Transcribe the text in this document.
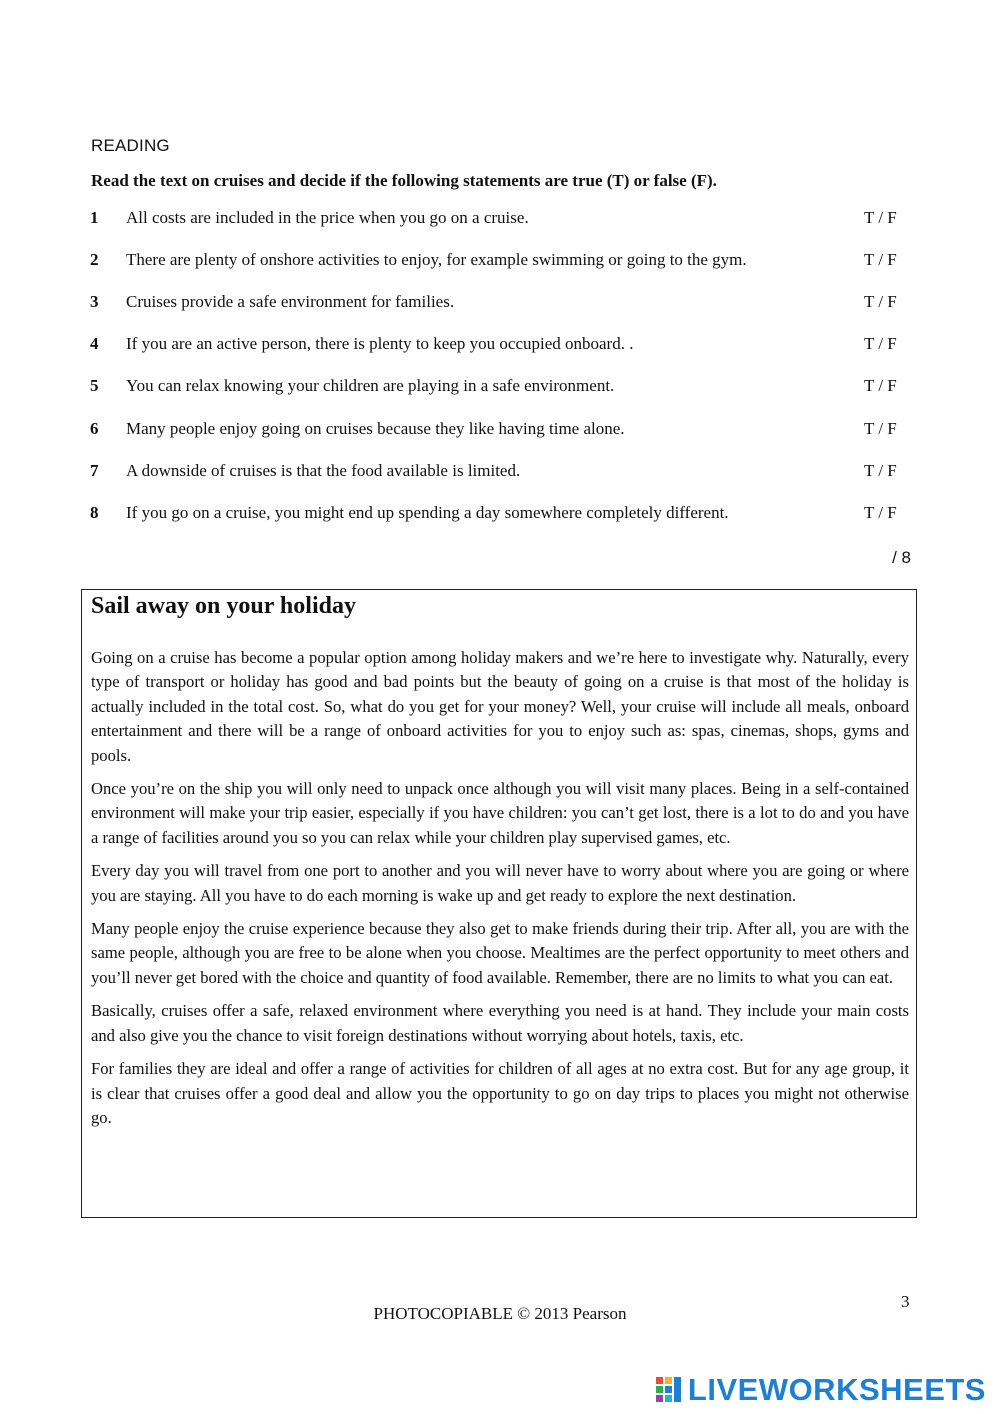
READING
Read the text on cruises and decide if the following statements are true (T) or false (F).
1 All costs are included in the price when you go on a cruise.	T / F
2 There are plenty of onshore activities to enjoy, for example swimming or going to the gym.	T / F
3 Cruises provide a safe environment for families.	T / F
4 If you are an active person, there is plenty to keep you occupied onboard. .	T / F
5 You can relax knowing your children are playing in a safe environment.	T / F
6 Many people enjoy going on cruises because they like having time alone.	T / F
7 A downside of cruises is that the food available is limited.	T / F
8 If you go on a cruise, you might end up spending a day somewhere completely different.	T / F
/ 8
Sail away on your holiday

Going on a cruise has become a popular option among holiday makers and we’re here to investigate why. Naturally, every type of transport or holiday has good and bad points but the beauty of going on a cruise is that most of the holiday is actually included in the total cost. So, what do you get for your money? Well, your cruise will include all meals, onboard entertainment and there will be a range of onboard activities for you to enjoy such as: spas, cinemas, shops, gyms and pools.

Once you’re on the ship you will only need to unpack once although you will visit many places. Being in a self-contained environment will make your trip easier, especially if you have children: you can’t get lost, there is a lot to do and you have a range of facilities around you so you can relax while your children play supervised games, etc.

Every day you will travel from one port to another and you will never have to worry about where you are going or where you are staying. All you have to do each morning is wake up and get ready to explore the next destination.

Many people enjoy the cruise experience because they also get to make friends during their trip. After all, you are with the same people, although you are free to be alone when you choose. Mealtimes are the perfect opportunity to meet others and you’ll never get bored with the choice and quantity of food available. Remember, there are no limits to what you can eat.

Basically, cruises offer a safe, relaxed environment where everything you need is at hand. They include your main costs and also give you the chance to visit foreign destinations without worrying about hotels, taxis, etc.

For families they are ideal and offer a range of activities for children of all ages at no extra cost. But for any age group, it is clear that cruises offer a good deal and allow you the opportunity to go on day trips to places you might not otherwise go.

3
PHOTOCOPIABLE © 2013 Pearson
LIVEWORKSHEETS
